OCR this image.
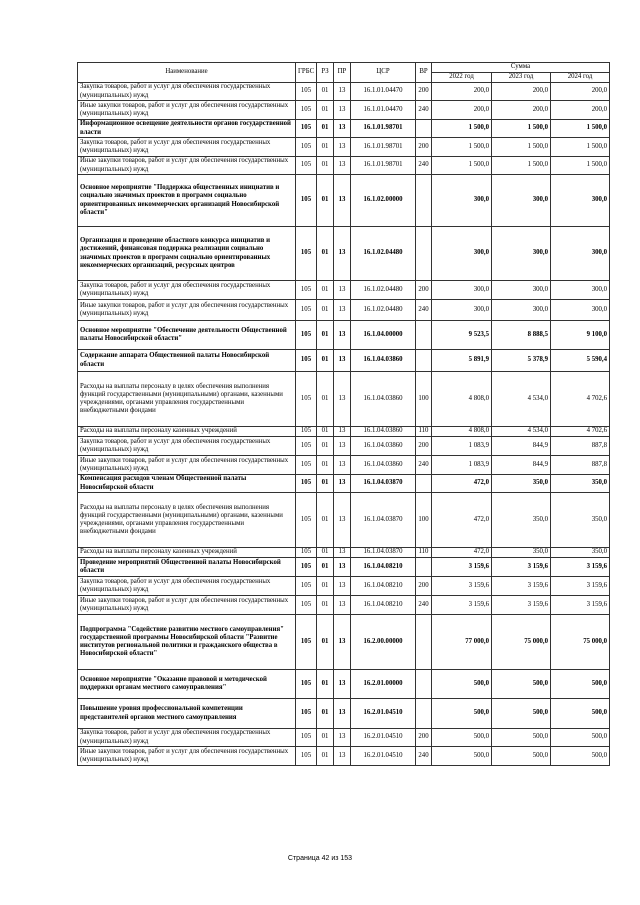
Наименование	ГРБС	РЗ	ПР	ЦСР	ВР	Сумма		
						2022 год	2023 год	2024 год
Закупка товаров, работ и услуг для обеспечения государственных (муниципальных) нужд	105	01	13	16.1.01.04470	200	200,0	200,0	200,0
Иные закупки товаров, работ и услуг для обеспечения государственных (муниципальных) нужд	105	01	13	16.1.01.04470	240	200,0	200,0	200,0
Информационное освещение деятельности органов государственной власти	105	01	13	16.1.01.98701		1 500,0	1 500,0	1 500,0
Закупка товаров, работ и услуг для обеспечения государственных (муниципальных) нужд	105	01	13	16.1.01.98701	200	1 500,0	1 500,0	1 500,0
Иные закупки товаров, работ и услуг для обеспечения государственных (муниципальных) нужд	105	01	13	16.1.01.98701	240	1 500,0	1 500,0	1 500,0
Основное мероприятие "Поддержка общественных инициатив и социально значимых проектов в программ социально ориентированных некоммерческих организаций Новосибирской области"	105	01	13	16.1.02.00000		300,0	300,0	300,0
Организация и проведение областного конкурса инициатив и достижений, финансовая поддержка реализации социально значимых проектов в программ социально ориентированных некоммерческих организаций, ресурсных центров	105	01	13	16.1.02.04480		300,0	300,0	300,0
Закупка товаров, работ и услуг для обеспечения государственных (муниципальных) нужд	105	01	13	16.1.02.04480	200	300,0	300,0	300,0
Иные закупки товаров, работ и услуг для обеспечения государственных (муниципальных) нужд	105	01	13	16.1.02.04480	240	300,0	300,0	300,0
Основное мероприятие "Обеспечение деятельности Общественной палаты Новосибирской области"	105	01	13	16.1.04.00000		9 523,5	8 888,5	9 100,0
Содержание аппарата Общественной палаты Новосибирской области	105	01	13	16.1.04.03860		5 891,9	5 378,9	5 590,4
Расходы на выплаты персоналу в целях обеспечения выполнения функций государственными (муниципальными) органами, казенными учреждениями, органами управления государственными внебюджетными фондами	105	01	13	16.1.04.03860	100	4 808,0	4 534,0	4 702,6
Расходы на выплаты персоналу казенных учреждений	105	01	13	16.1.04.03860	110	4 808,0	4 534,0	4 702,6
Закупка товаров, работ и услуг для обеспечения государственных (муниципальных) нужд	105	01	13	16.1.04.03860	200	1 083,9	844,9	887,8
Иные закупки товаров, работ и услуг для обеспечения государственных (муниципальных) нужд	105	01	13	16.1.04.03860	240	1 083,9	844,9	887,8
Компенсация расходов членам Общественной палаты Новосибирской области	105	01	13	16.1.04.03870		472,0	350,0	350,0
Расходы на выплаты персоналу в целях обеспечения выполнения функций государственными (муниципальными) органами, казенными учреждениями, органами управления государственными внебюджетными фондами	105	01	13	16.1.04.03870	100	472,0	350,0	350,0
Расходы на выплаты персоналу казенных учреждений	105	01	13	16.1.04.03870	110	472,0	350,0	350,0
Проведение мероприятий Общественной палаты Новосибирской области	105	01	13	16.1.04.08210		3 159,6	3 159,6	3 159,6
Закупка товаров, работ и услуг для обеспечения государственных (муниципальных) нужд	105	01	13	16.1.04.08210	200	3 159,6	3 159,6	3 159,6
Иные закупки товаров, работ и услуг для обеспечения государственных (муниципальных) нужд	105	01	13	16.1.04.08210	240	3 159,6	3 159,6	3 159,6
Подпрограмма "Содействие развитию местного самоуправления" государственной программы Новосибирской области "Развитие институтов региональной политики и гражданского общества в Новосибирской области"	105	01	13	16.2.00.00000		77 000,0	75 000,0	75 000,0
Основное мероприятие "Оказание правовой и методической поддержки органам местного самоуправления"	105	01	13	16.2.01.00000		500,0	500,0	500,0
Повышение уровня профессиональной компетенции представителей органов местного самоуправления	105	01	13	16.2.01.04510		500,0	500,0	500,0
Закупка товаров, работ и услуг для обеспечения государственных (муниципальных) нужд	105	01	13	16.2.01.04510	200	500,0	500,0	500,0
Иные закупки товаров, работ и услуг для обеспечения государственных (муниципальных) нужд	105	01	13	16.2.01.04510	240	500,0	500,0	500,0
Страница 42 из 153
